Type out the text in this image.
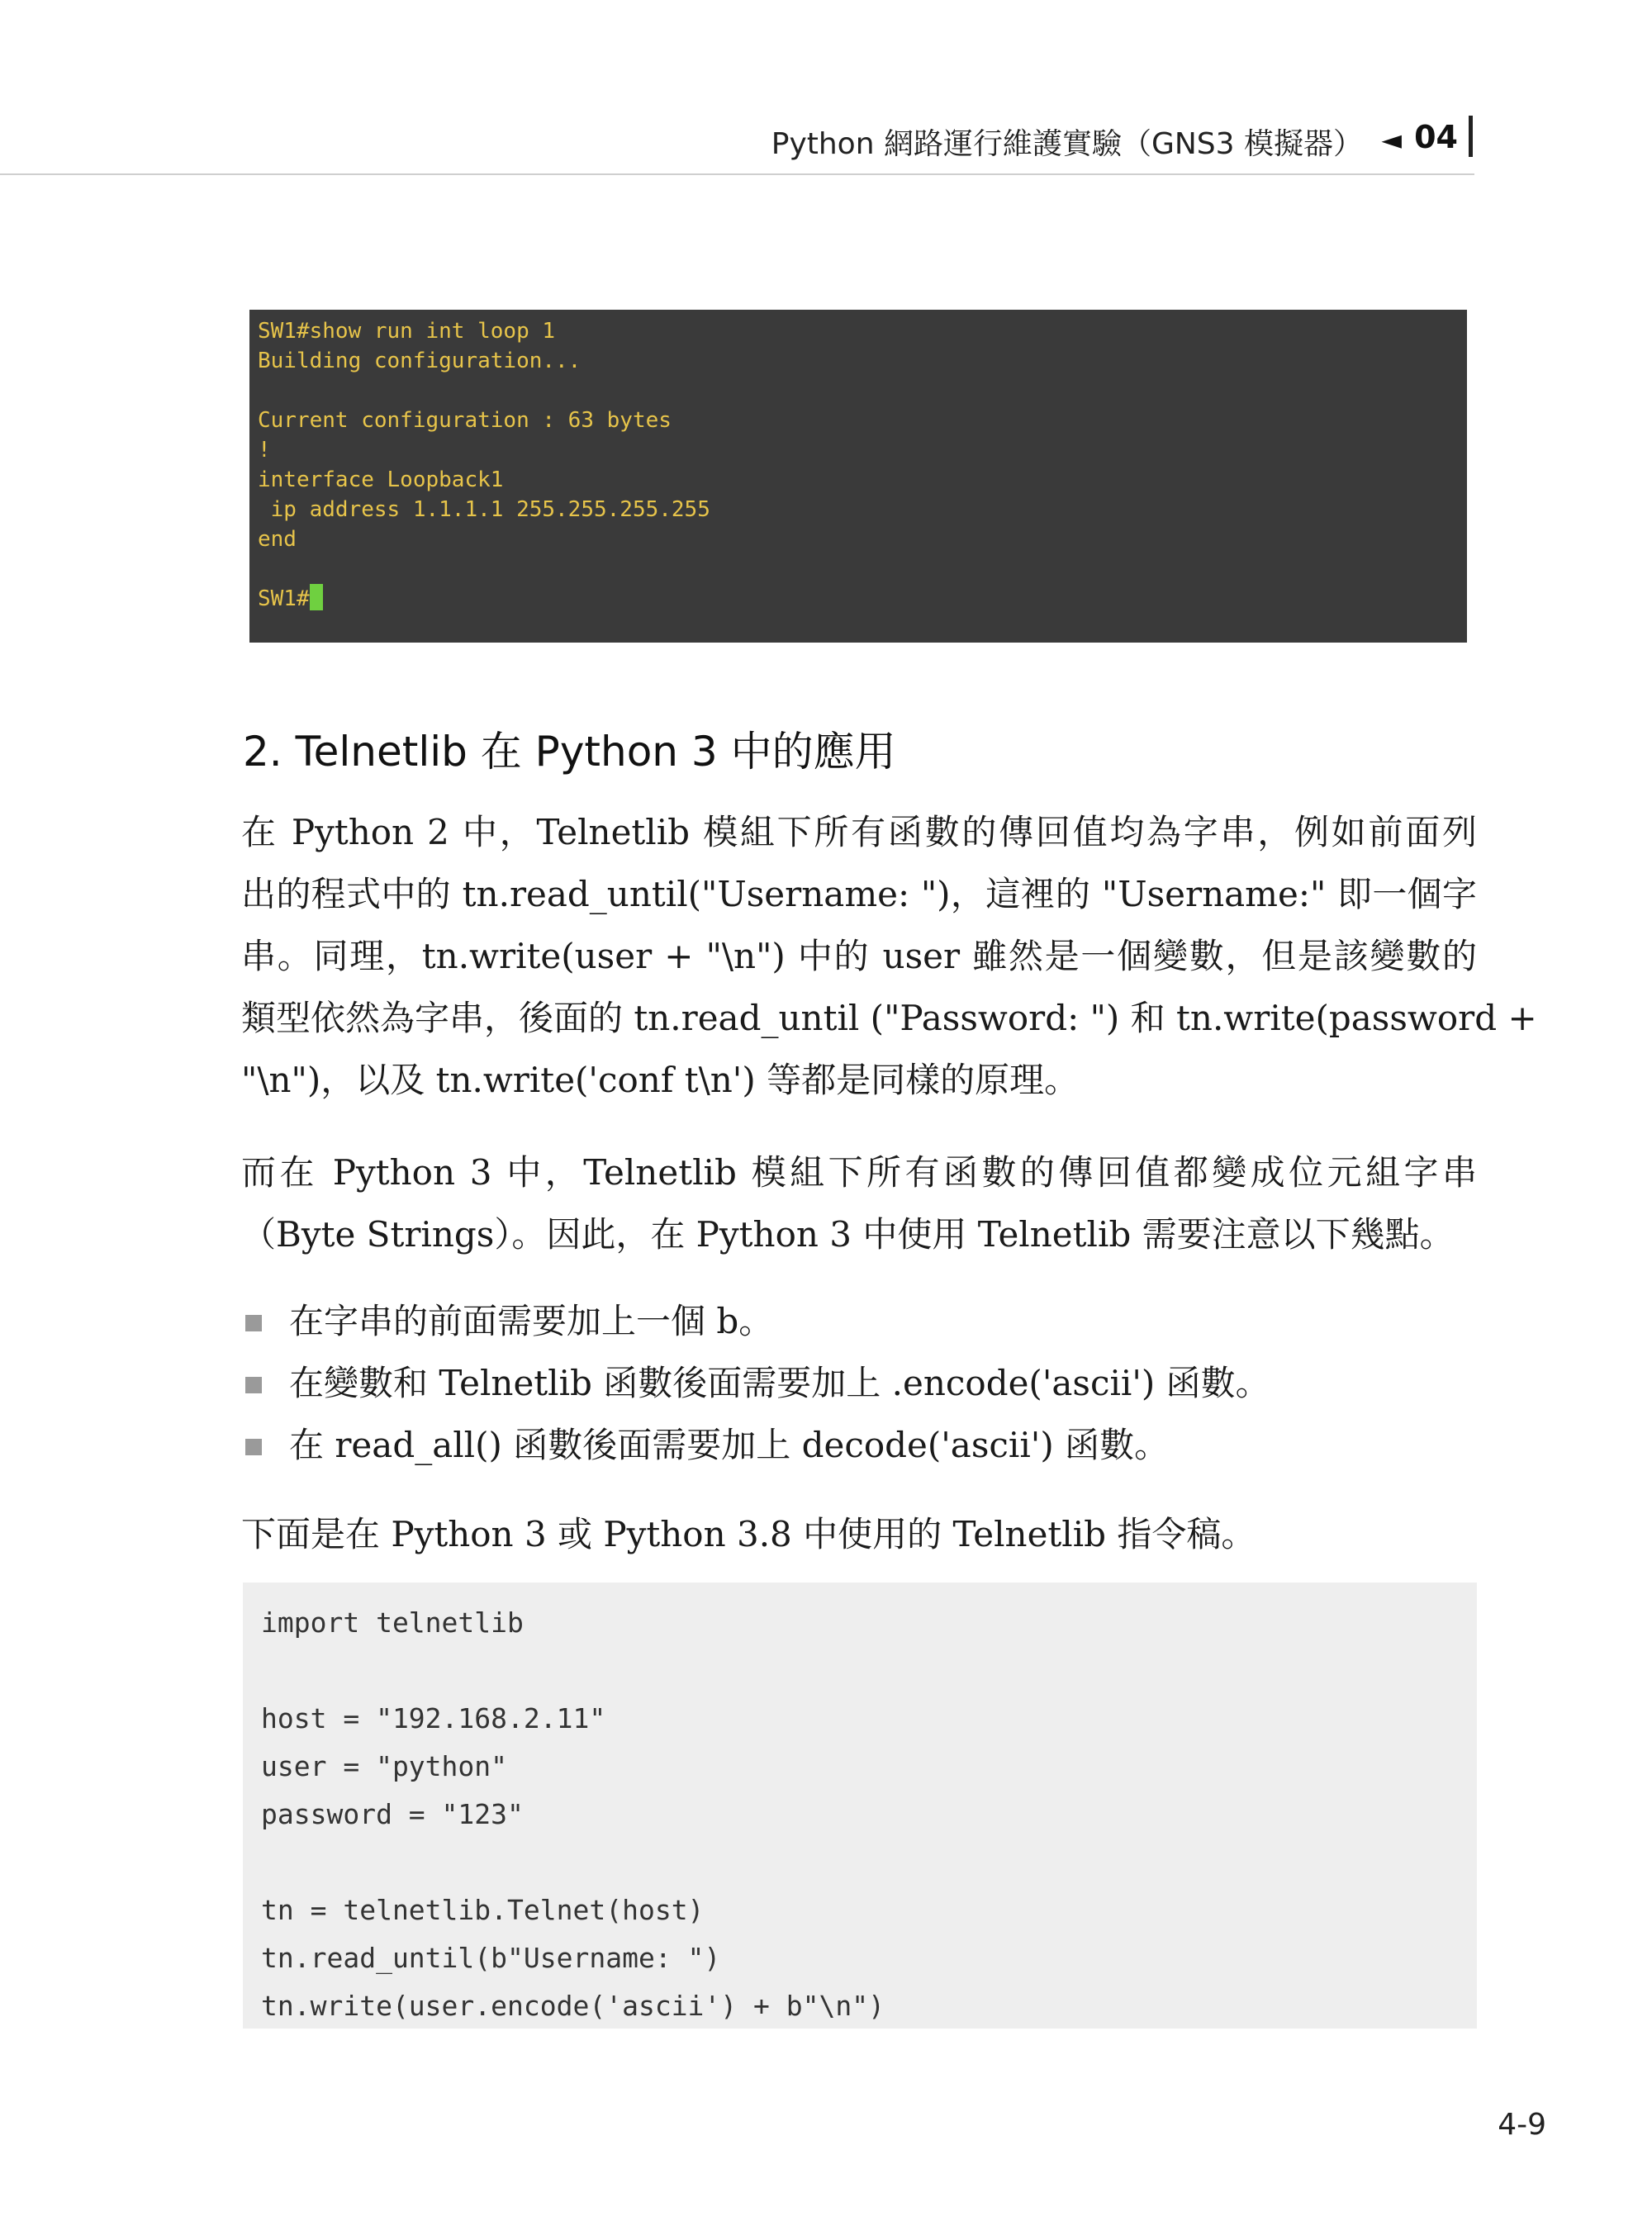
Python 網路運行維護實驗（GNS3 模擬器） ◄ 04
SW1#show run int loop 1
Building configuration...
Current configuration : 63 bytes
!
interface Loopback1
ip address 1.1.1.1 255.255.255.255
end
SW1#
2. Telnetlib 在 Python 3 中的應用
在 Python 2 中，Telnetlib 模組下所有函數的傳回值均為字串，例如前面列
出的程式中的 tn.read_until("Username: ")，這裡的 "Username:" 即一個字
串。同理，tn.write(user + "\n") 中的 user 雖然是一個變數，但是該變數的
類型依然為字串，後面的 tn.read_until ("Password: ") 和 tn.write(password +
"\n")，以及 tn.write('conf t\n') 等都是同樣的原理。
而在 Python 3 中，Telnetlib 模組下所有函數的傳回值都變成位元組字串
（Byte Strings）。因此，在 Python 3 中使用 Telnetlib 需要注意以下幾點。
在字串的前面需要加上一個 b。
在變數和 Telnetlib 函數後面需要加上 .encode('ascii') 函數。
在 read_all() 函數後面需要加上 decode('ascii') 函數。
下面是在 Python 3 或 Python 3.8 中使用的 Telnetlib 指令稿。
import telnetlib
host = "192.168.2.11"
user = "python"
password = "123"
tn = telnetlib.Telnet(host)
tn.read_until(b"Username: ")
tn.write(user.encode('ascii') + b"\n")
4-9
